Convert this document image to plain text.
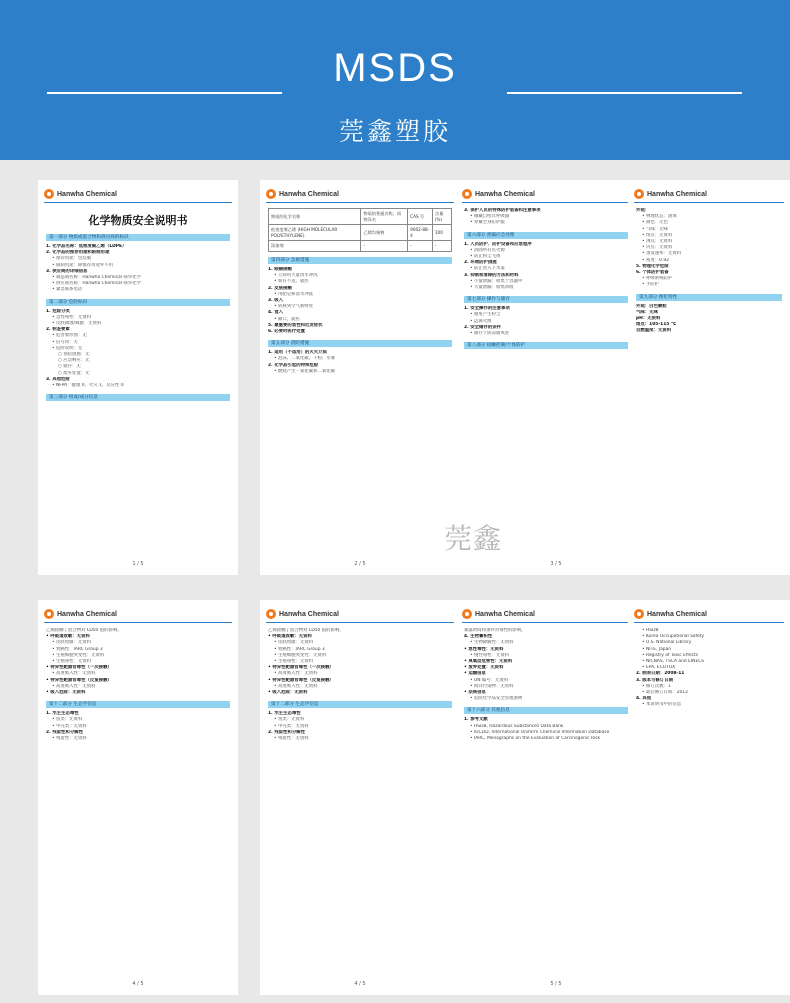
MSDS
莞鑫塑胶
Hanwha Chemical
化学物质安全说明书
第一部分 物质或混合物和供应商的标识
1. 化学品名称：低密度聚乙烯（LDPE）
2. 化学品的推荐用途和限制用途
• 推荐用途：包装膜
• 限制用途：除推荐用途外不用
3. 供应商的详细信息
• 制造商名称：Hanwha Chemical 韩华化学
• 供应商名称：Hanwha Chemical 韩华化学
• 紧急联系电话
第二部分 危险标识
1. 危险分类
• 急性毒性：无资料
• 皮肤腐蚀/刺激：无资料
2. 标签要素
• 危害象形图：无
• 信号词：无
• 危险说明：无
○ 预防措施：无
○ 应急响应：无
○ 储存：无
○ 废弃处置：无
3. 其他危险
• NFPA：健康 0，火灾 1，反应性 0
第三部分 组成/成分信息
1 / 5
Hanwha Chemical
物质的化学名称	物质的普通名称，同物异名	CAS 号	含量(%)
低密度聚乙烯 (HIGH MOLECULAR POLYETHYLENE)	乙烯均聚物	9002-88-4	100
添加剂	-	-	-
第四部分 急救措施
1. 眼睛接触
• 立即用大量清水冲洗
• 如有不适，就医
2. 皮肤接触
• 用肥皂和清水冲洗
3. 吸入
• 转移到空气新鲜处
4. 食入
• 漱口，就医
5. 最重要的急性和迟发症状
6. 必要时医疗处置
第五部分 消防措施
1. 适用（不适用）的灭火介质
• 泡沫、二氧化碳、干粉、水雾
2. 化学品引起的特殊危险
• 燃烧产生一氧化碳和二氧化碳
2 / 5
Hanwha Chemical
3. 保护人员的特殊防护装备和注意事项
• 佩戴自给式呼吸器
• 穿戴全身防护服
第六部分 泄漏应急处理
1. 人员防护、防护设备和应急程序
• 清除所有点火源
• 防止粉尘飞扬
2. 环境防护措施
• 防止进入下水道
3. 抑制和清除的方法和材料
• 小量泄漏：收集于容器中
• 大量泄漏：收集回收
第七部分 操作与储存
1. 安全操作的注意事项
• 避免产生粉尘
• 远离火源
2. 安全储存的条件
• 储存于阴凉通风处
第八部分 接触控制/个体防护
3 / 5
Hanwha Chemical
外观：
• 物理状态：固体
• 颜色：无色
• 气味：无味
• 熔点：无资料
• 沸点：无资料
• 闪点：无资料
• 蒸发速率：无资料
• 密度：0.92
5. 物理化学危险
6. 个体防护装备
• 呼吸系统防护
• 手防护
第九部分 理化特性
外观：白色颗粒
气味：无味
pH：无资料
熔点：105-115 ℃
自燃温度：无资料
Hanwha Chemical
乙烯接触了混合物对 LD50 值的影响。
• 呼吸道致敏：无资料
• 皮肤致敏：无资料
• 致癌性：IARC Group 3
• 生殖细胞突变性：无资料
• 生殖毒性：无资料
• 特异性靶器官毒性（一次接触）
• 高度吸入性：无资料
• 特异性靶器官毒性（反复接触）
• 高度吸入性：无资料
• 吸入危险：无资料
第十二部分 生态学信息
1. 水生生态毒性
• 鱼类：无资料
• 甲壳类：无资料
2. 残留性和分解性
• 残留性：无资料
4 / 5
Hanwha Chemical
乙烯接触了混合物对 LD50 值的影响。
• 呼吸道致敏：无资料
• 皮肤致敏：无资料
• 致癌性：IARC Group 3
• 生殖细胞突变性：无资料
• 生殖毒性：无资料
• 特异性靶器官毒性（一次接触）
• 高度吸入性：无资料
• 特异性靶器官毒性（反复接触）
• 高度吸入性：无资料
• 吸入危险：无资料
第十二部分 生态学信息
1. 水生生态毒性
• 鱼类：无资料
• 甲壳类：无资料
2. 残留性和分解性
• 残留性：无资料
4 / 5
Hanwha Chemical
暴露时间和条件对毒性的影响。
4. 生物蓄积性
• 生物降解性：无资料
• 急性毒性：无资料
• 慢性毒性：无资料
• 臭氧层危害性：无资料
• 废弃处置：无资料
• 运输信息
• UN 编号：无资料
• 海洋污染物：无资料
• 法规信息
• 危险化学品安全管理条例
第十六部分 其他信息
1. 参考文献
• HSDB, Hazardous Substances Data Bank
• IUCLID, International Uniform Chemical Information Database
• IARC, Monographs on the Evaluation of Carcinogenic Risk
5 / 5
Hanwha Chemical
• HSDB
• Korea Occupational Safety
• U.S. National Library
• NITE, Japan
• Registry of Toxic Effects
• NICNAS, TSCA and EINECS
• EPA, ECOTOX
2. 制表日期：2008-11
3. 版本与修订日期
• 修订次数：1
• 最后修订日期：2012
4. 其他
• 本说明书中的信息
莞鑫
